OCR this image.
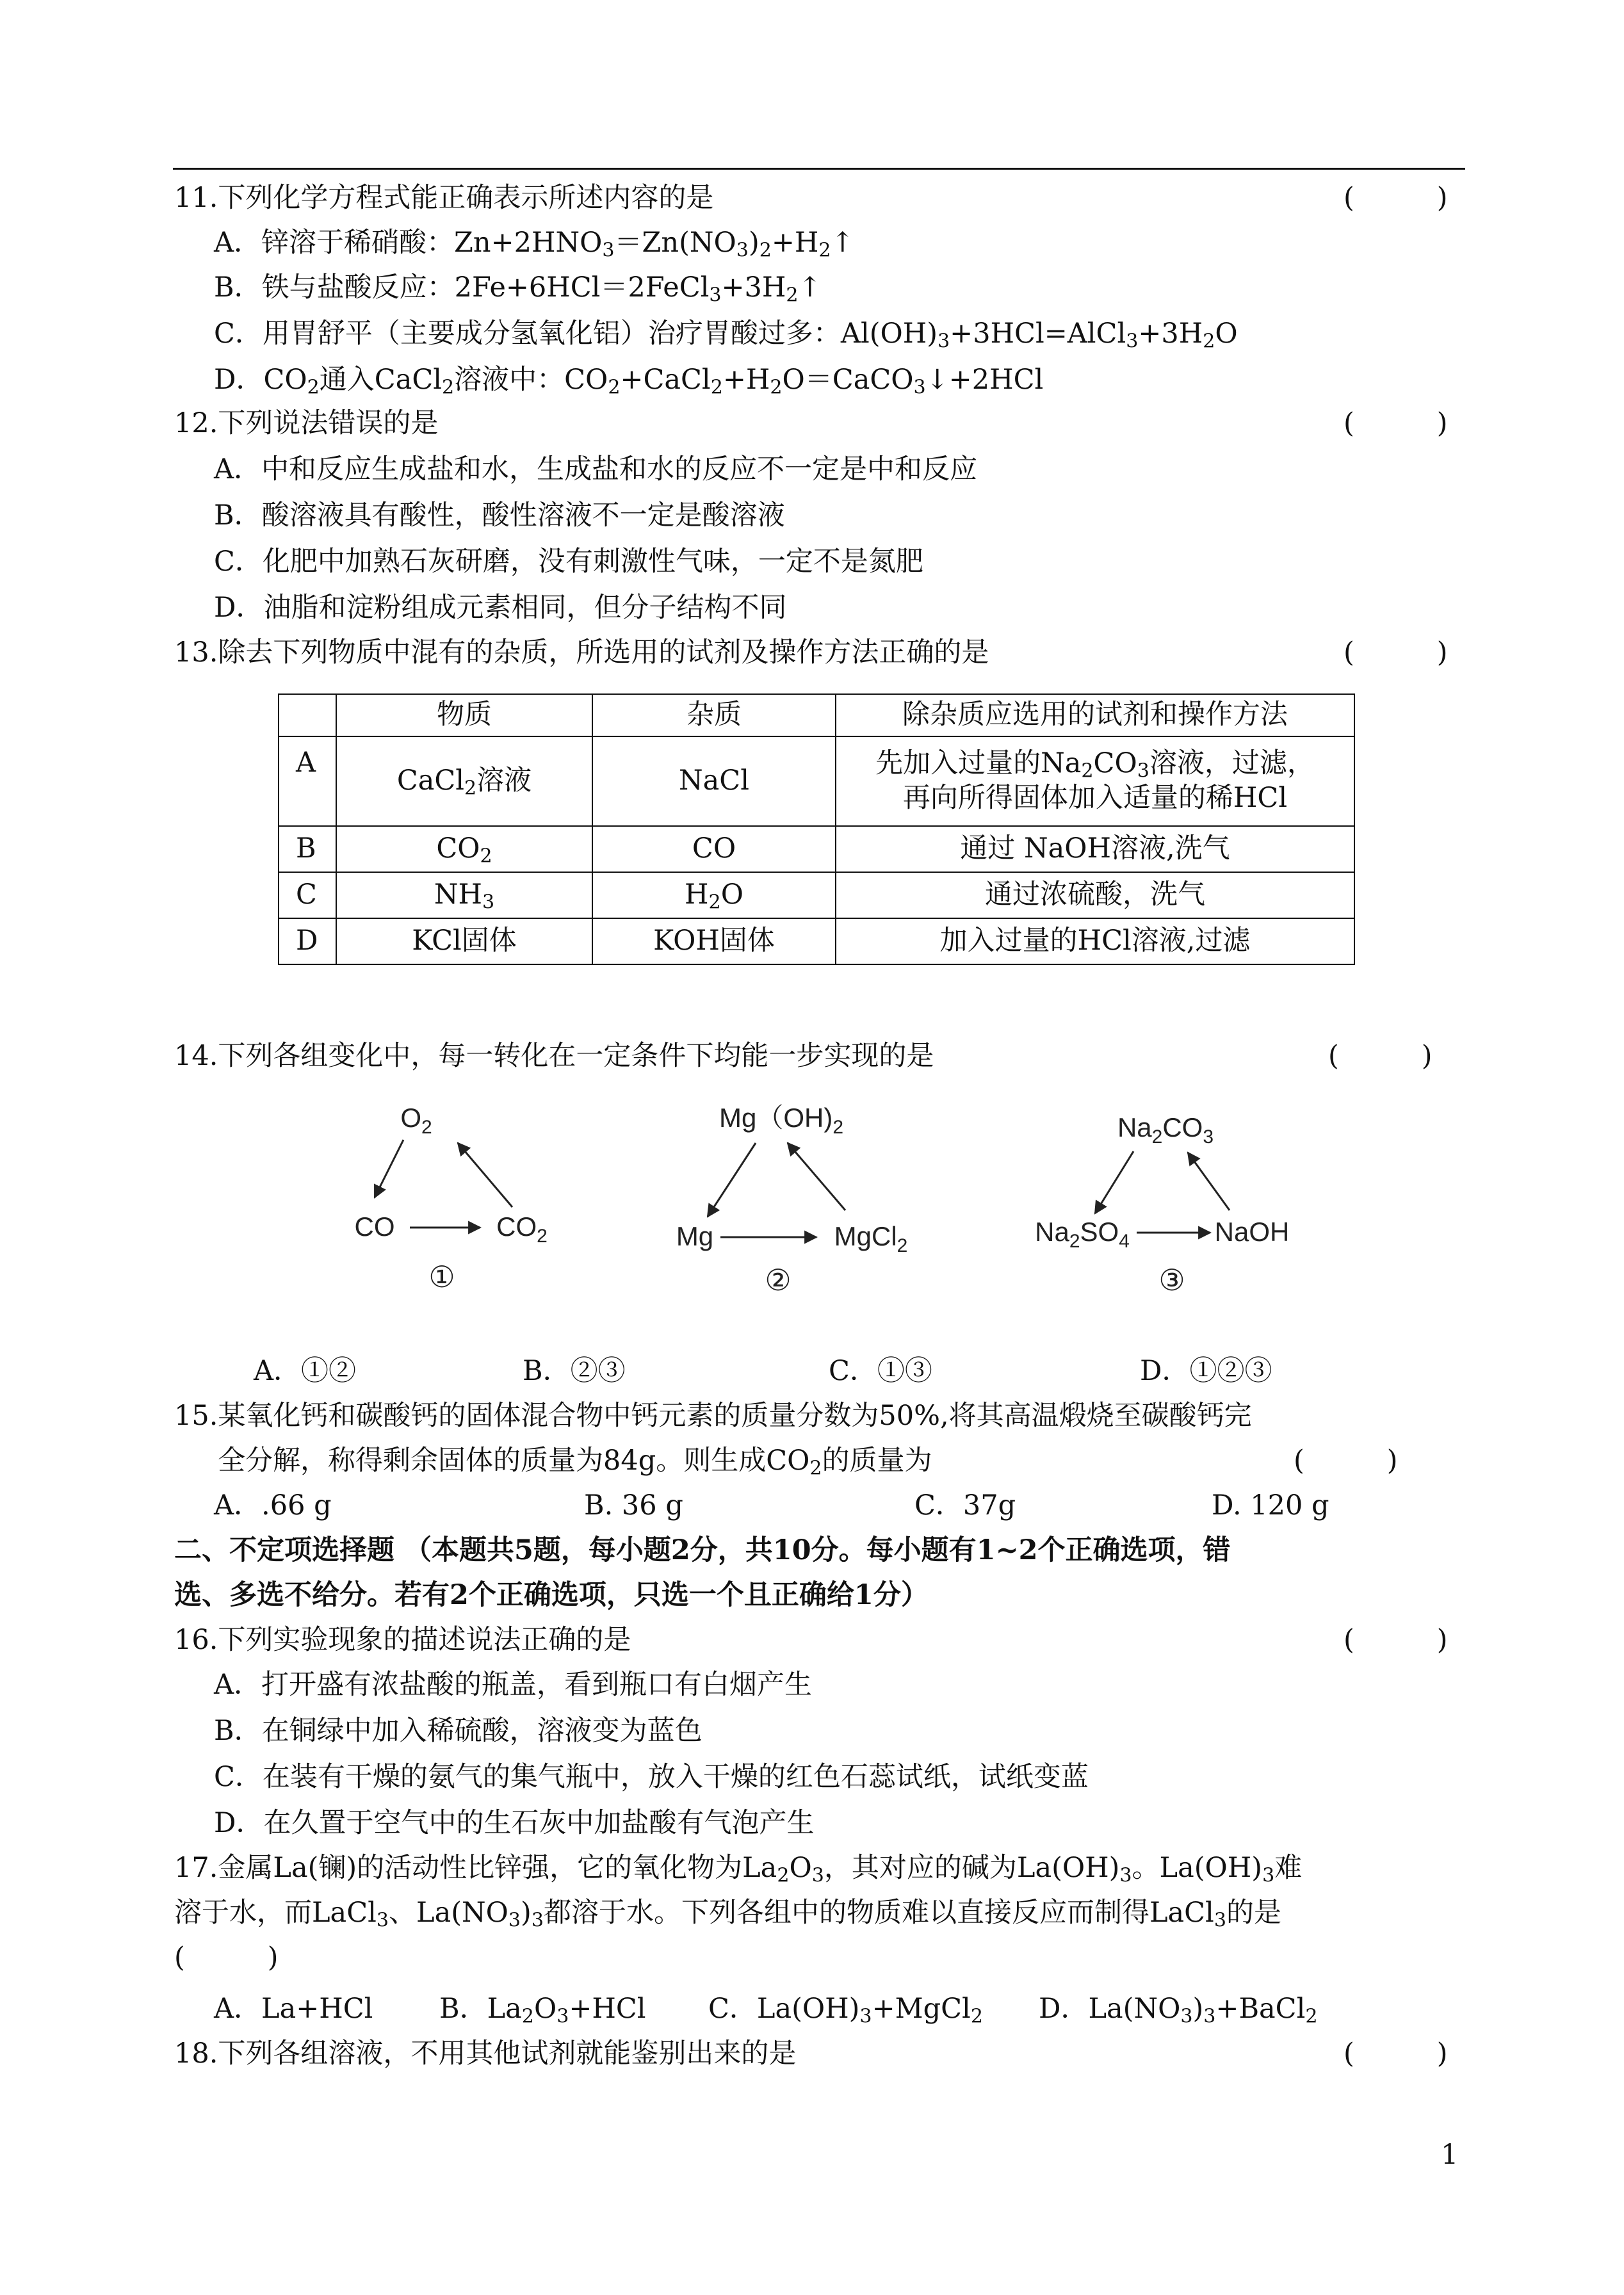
11.下列化学方程式能正确表示所述内容的是	(　　　)
A．锌溶于稀硝酸：$Zn+2HNO_3=Zn(NO_3)_2+H_2↑$
B．铁与盐酸反应：$2Fe+6HCl=2FeCl_3+3H_2↑$
C．用胃舒平（主要成分氢氧化铝）治疗胃酸过多：$Al(OH)_3+3HCl=AlCl_3+3H_2O$
D．$CO_2$通入CaCl$_2$溶液中：$CO_2+CaCl_2+H_2O=CaCO_3↓+2HCl$
12.下列说法错误的是	(　　　)
A．中和反应生成盐和水，生成盐和水的反应不一定是中和反应
B．酸溶液具有酸性，酸性溶液不一定是酸溶液
C．化肥中加熟石灰研磨，没有刺激性气味，一定不是氮肥
D．油脂和淀粉组成元素相同，但分子结构不同
13.除去下列物质中混有的杂质，所选用的试剂及操作方法正确的是	(　　　)
	物质	杂质	除杂质应选用的试剂和操作方法
A	CaCl$_2$溶液	NaCl	先加入过量的$Na_2CO_3$溶液，过滤，
再向所得固体加入适量的稀HCl

B	$CO_2$	CO	通过 NaOH溶液,洗气
C	$NH_3$	$H_2O$	通过浓硫酸，洗气
D	KCl固体	KOH固体	加入过量的HCl溶液,过滤
14.下列各组变化中，每一转化在一定条件下均能一步实现的是	(　　　)
$O_2$
CO	$CO_2$
①
$Mg(OH)_2$
Mg	MgCl$_2$
②
$Na_2CO_3$
$Na_2SO_4$	NaOH
③
A．①②	B．②③	C．①③	D．①②③
15.某氧化钙和碳酸钙的固体混合物中钙元素的质量分数为50%,将其高温煅烧至碳酸钙完
全分解，称得剩余固体的质量为84g。则生成$CO_2$的质量为	(　　　)
A．.66 g	B. 36 g	C．37g	D. 120 g
二、不定项选择题 （本题共5题，每小题2分，共10分。每小题有1~2个正确选项，错
选、多选不给分。若有2个正确选项，只选一个且正确给1分）
16.下列实验现象的描述说法正确的是	(　　　)
A．打开盛有浓盐酸的瓶盖，看到瓶口有白烟产生
B．在铜绿中加入稀硫酸，溶液变为蓝色
C．在装有干燥的氨气的集气瓶中，放入干燥的红色石蕊试纸，试纸变蓝
D．在久置于空气中的生石灰中加盐酸有气泡产生
17.金属La(镧)的活动性比锌强，它的氧化物为$La_2O_3$，其对应的碱为$La(OH)_3$。$La(OH)_3$难
溶于水，而LaCl$_3$、$La(NO_3)_3$都溶于水。下列各组中的物质难以直接反应而制得LaCl$_3$的是
(　　　)
A．La+HCl B．$La_2O_3+HCl$ C．$La(OH)_3+MgCl_2$ D．$La(NO_3)_3+BaCl_2$
18.下列各组溶液，不用其他试剂就能鉴别出来的是	(　　　)
1
